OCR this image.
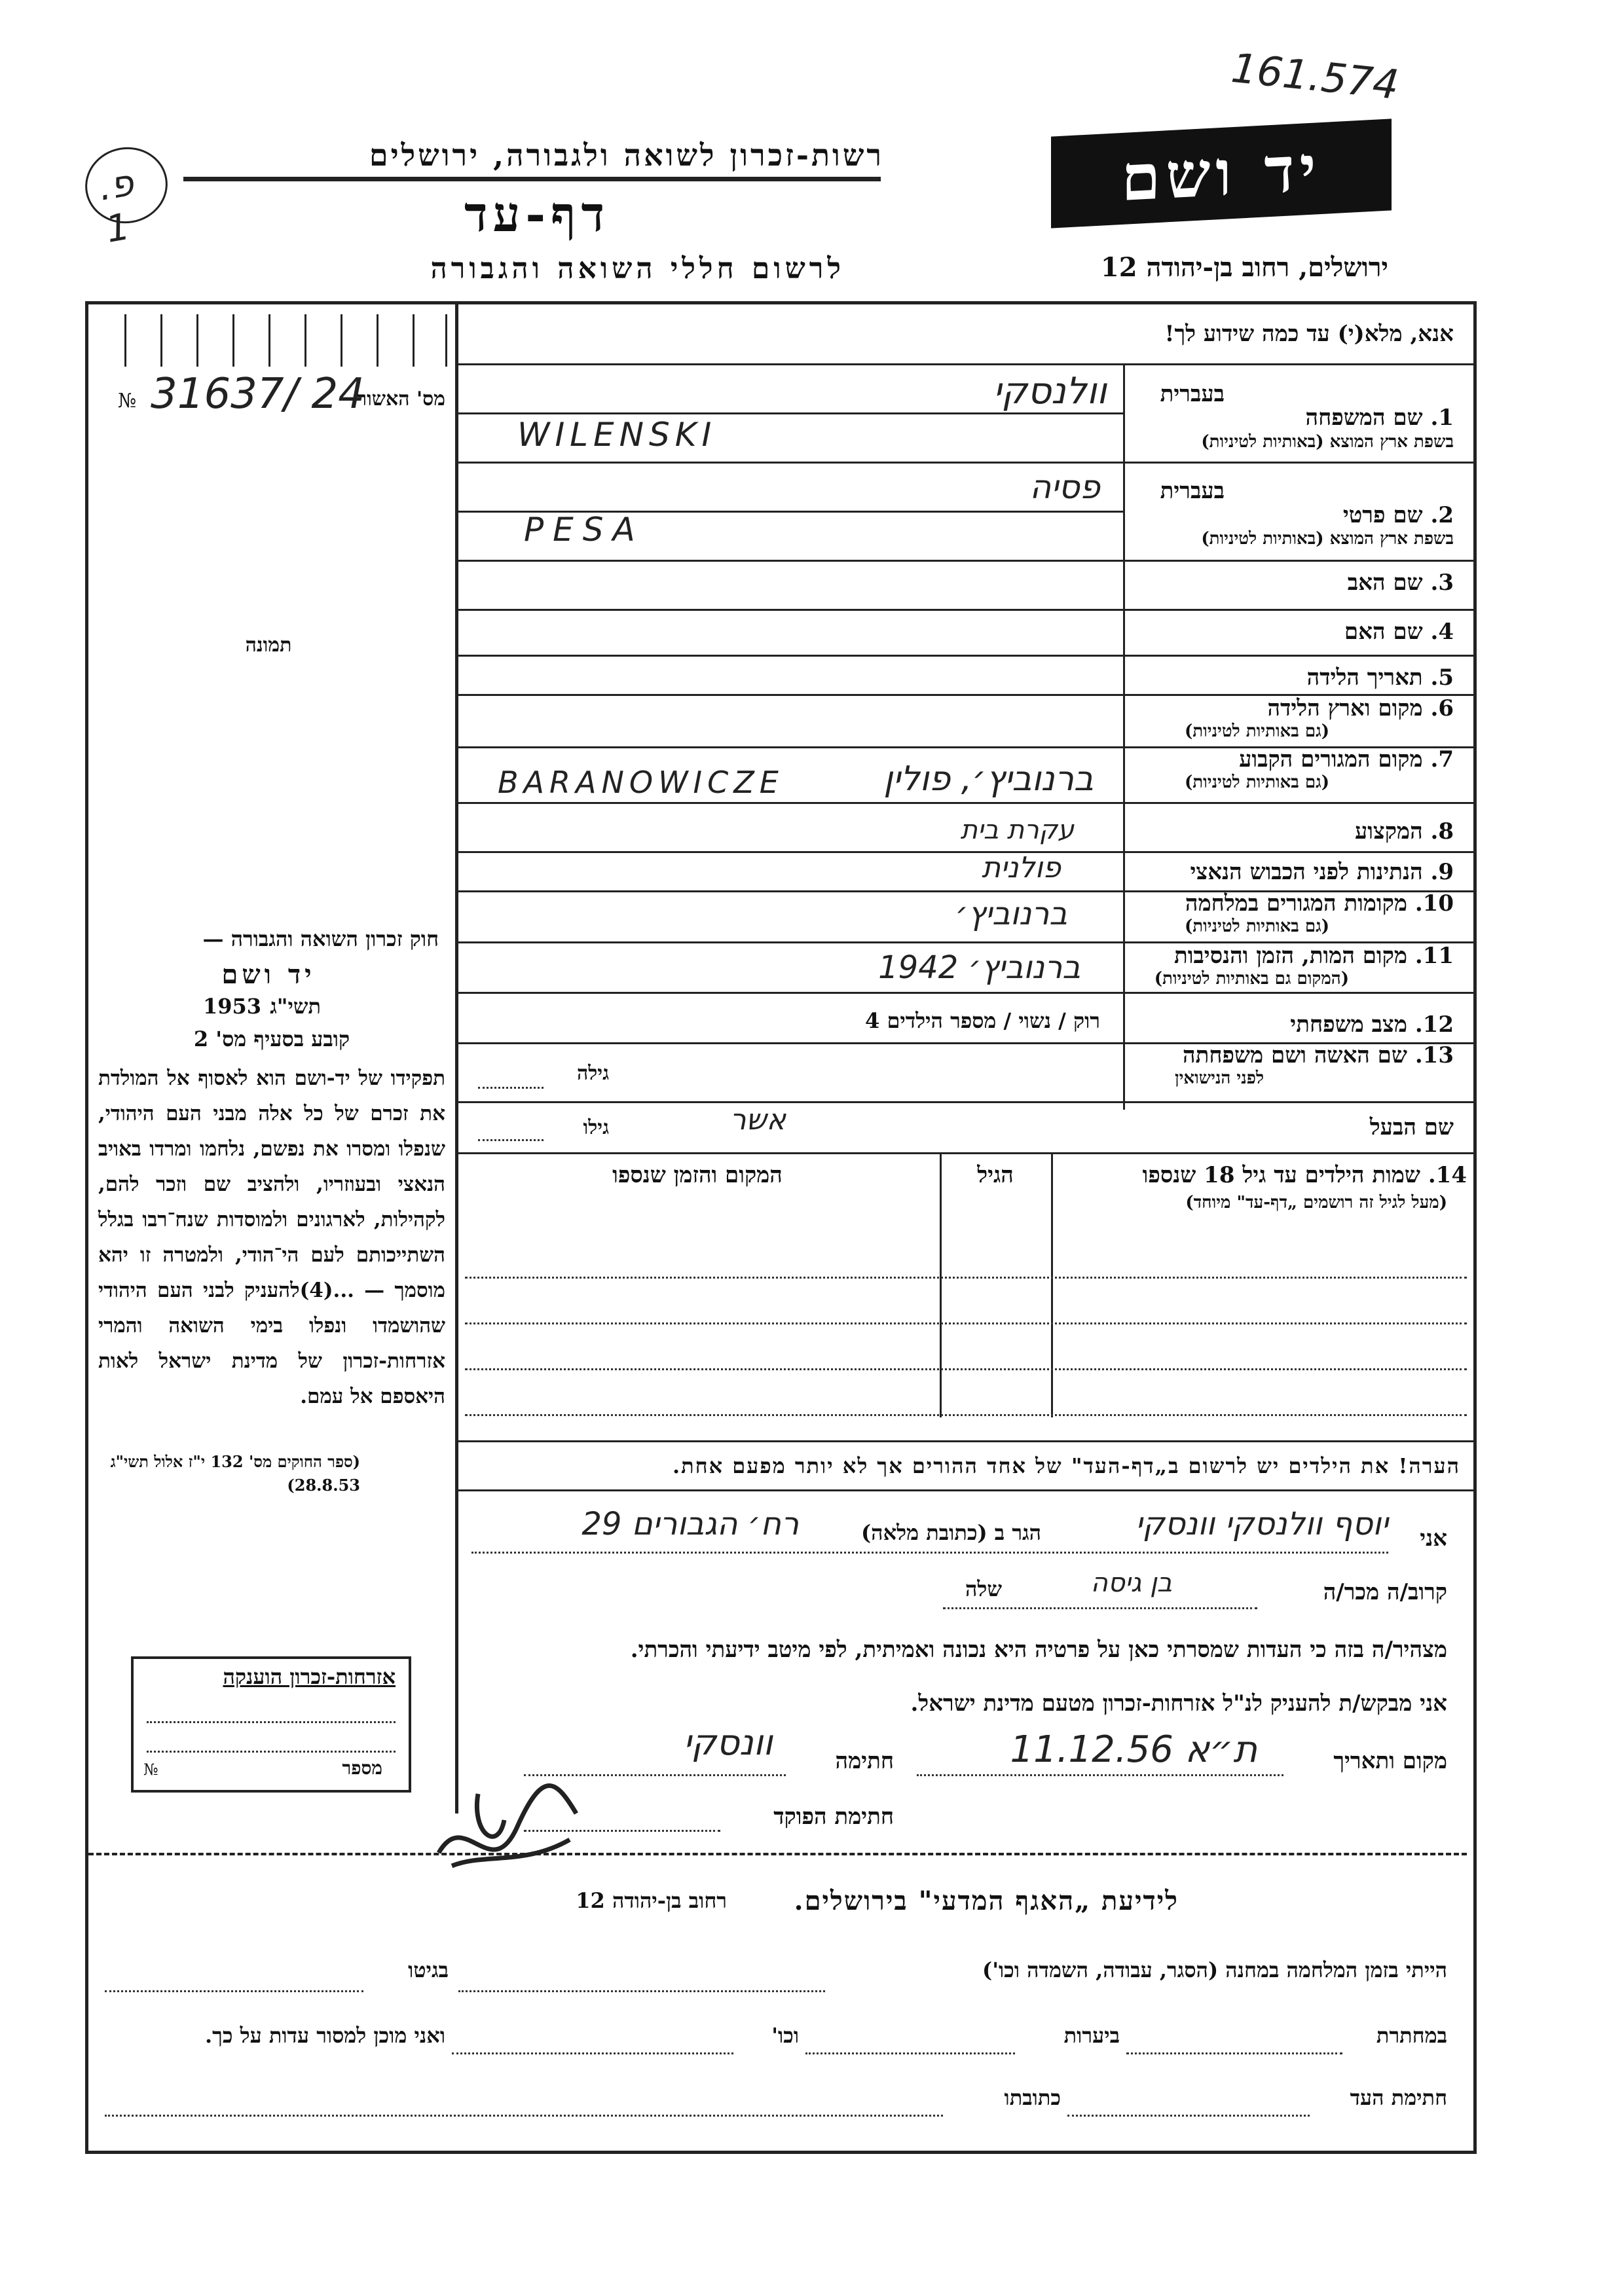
161.574
פ. 1
רשות-זכרון לשואה ולגבורה, ירושלים
דף-עד
לרשום חללי השואה והגבורה
יד ושם
ירושלים, רחוב בן-יהודה 12
№ 31637/ 24
מס' האשור
תמונה
חוק זכרון השואה והגבורה —
יד ושם
תשי"ג
1953
קובע בסעיף מס' 2
תפקידו של יד-ושם הוא לאסוף אל המולדת את זכרם של כל אלה מבני העם היהודי, שנפלו ומסרו את נפשם, נלחמו ומרדו באויב הנאצי ובעוזריו, ולהציב שם וזכר להם, לקהילות, לארגונים ולמוסדות שנח־רבו בגלל השתייכותם לעם הי־הודי, ולמטרה זו יהא מוסמך — ...(4)להעניק לבני העם היהודי שהושמדו ונפלו בימי השואה והמרי אזרחות-זכרון של מדינת ישראל לאות היאספם אל עמם.
(ספר החוקים מס' 132 י"ז אלול תשי"ג 28.8.53)
אנא, מלא(י) עד כמה שידוע לך!
בעברית
1. שם המשפחה
בשפת ארץ המוצא (באותיות לטיניות)
וולנסקי
WILENSKI
בעברית
2. שם פרטי
בשפת ארץ המוצא (באותיות לטיניות)
פסיה
PESA
3. שם האב
4. שם האם
5. תאריך הלידה
6. מקום וארץ הלידה
(גם באותיות לטיניות)
7. מקום המגורים הקבוע
(גם באותיות לטיניות)
BARANOWICZE	ברנוביץ׳, פולין
8. המקצוע
עקרת בית
9. הנתינות לפני הכבוש הנאצי
פולנית
10. מקומות המגורים במלחמה
(גם באותיות לטיניות)
ברנוביץ׳
11. מקום המות, הזמן והנסיבות
(המקום גם באותיות לטיניות)
ברנוביץ׳ 1942
12. מצב משפחתי
רוק / נשוי / מספר הילדים 4
13. שם האשה ושם משפחתה
לפני הנישואין
גילה
שם הבעל
אשר
גילו
14. שמות הילדים עד גיל 18 שנספו
(מעל לגיל זה רושמים „דף-עד" מיוחד)
הגיל
המקום והזמן שנספו
הערה! את הילדים יש לרשום ב„דף-העד" של אחד ההורים אך לא יותר מפעם אחת.
אני
יוסף וולנסקי וונסקי
הגר ב (כתובת מלאה)
רח׳ הגבורים 29
קרוב/ה מכר/ה
בן גיסה
שלה
מצהיר/ה בזה כי העדות שמסרתי כאן על פרטיה היא נכונה ואמיתית, לפי מיטב ידיעתי והכרתי.
אני מבקש/ת להעניק לנ"ל אזרחות-זכרון מטעם מדינת ישראל.
מקום ותאריך
ת״א 11.12.56
חתימה
וונסקי
חתימת הפוקד
אזרחות-זכרון הוענקה
№	מספר
לידיעת „האגף המדעי" בירושלים.
רחוב בן-יהודה 12
הייתי בזמן המלחמה במחנה (הסגר, עבודה, השמדה וכו')
בגיטו
במחתרת
ביערות
וכו'
ואני מוכן למסור עדות על כך.
חתימת העד
כתובתו
